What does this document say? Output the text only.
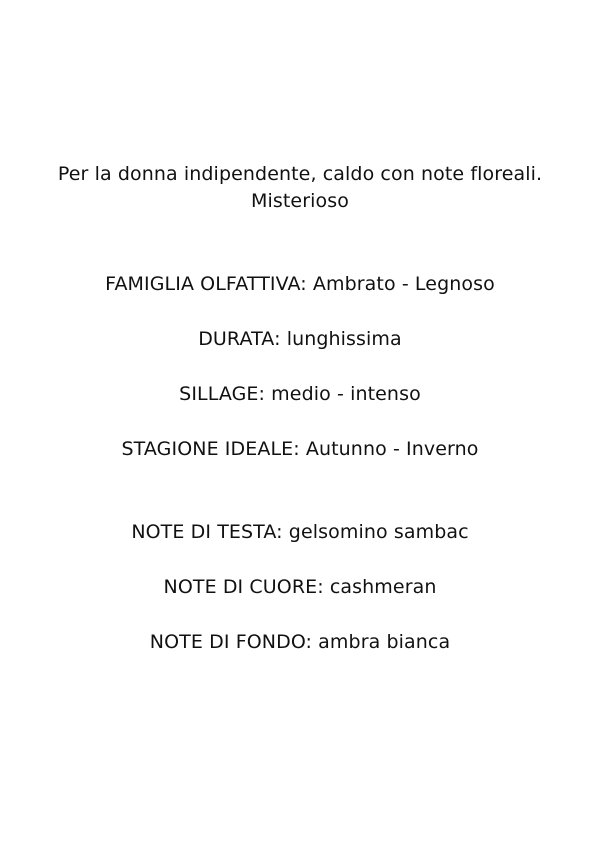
Per la donna indipendente, caldo con note floreali.
Misterioso
FAMIGLIA OLFATTIVA: Ambrato - Legnoso
DURATA: lunghissima
SILLAGE: medio - intenso
STAGIONE IDEALE: Autunno - Inverno
NOTE DI TESTA: gelsomino sambac
NOTE DI CUORE: cashmeran
NOTE DI FONDO: ambra bianca
